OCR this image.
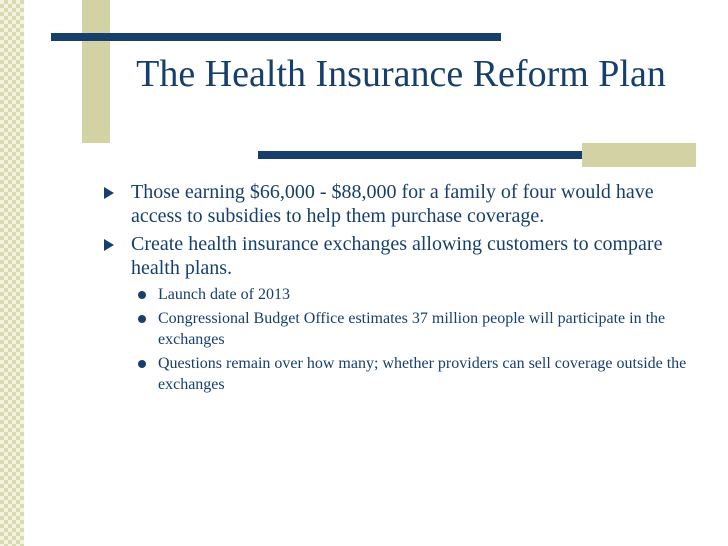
The Health Insurance Reform Plan
Those earning $66,000 - $88,000 for a family of four would have access to subsidies to help them purchase coverage.
Create health insurance exchanges allowing customers to compare health plans.
Launch date of 2013
Congressional Budget Office estimates 37 million people will participate in the exchanges
Questions remain over how many; whether providers can sell coverage outside the exchanges
